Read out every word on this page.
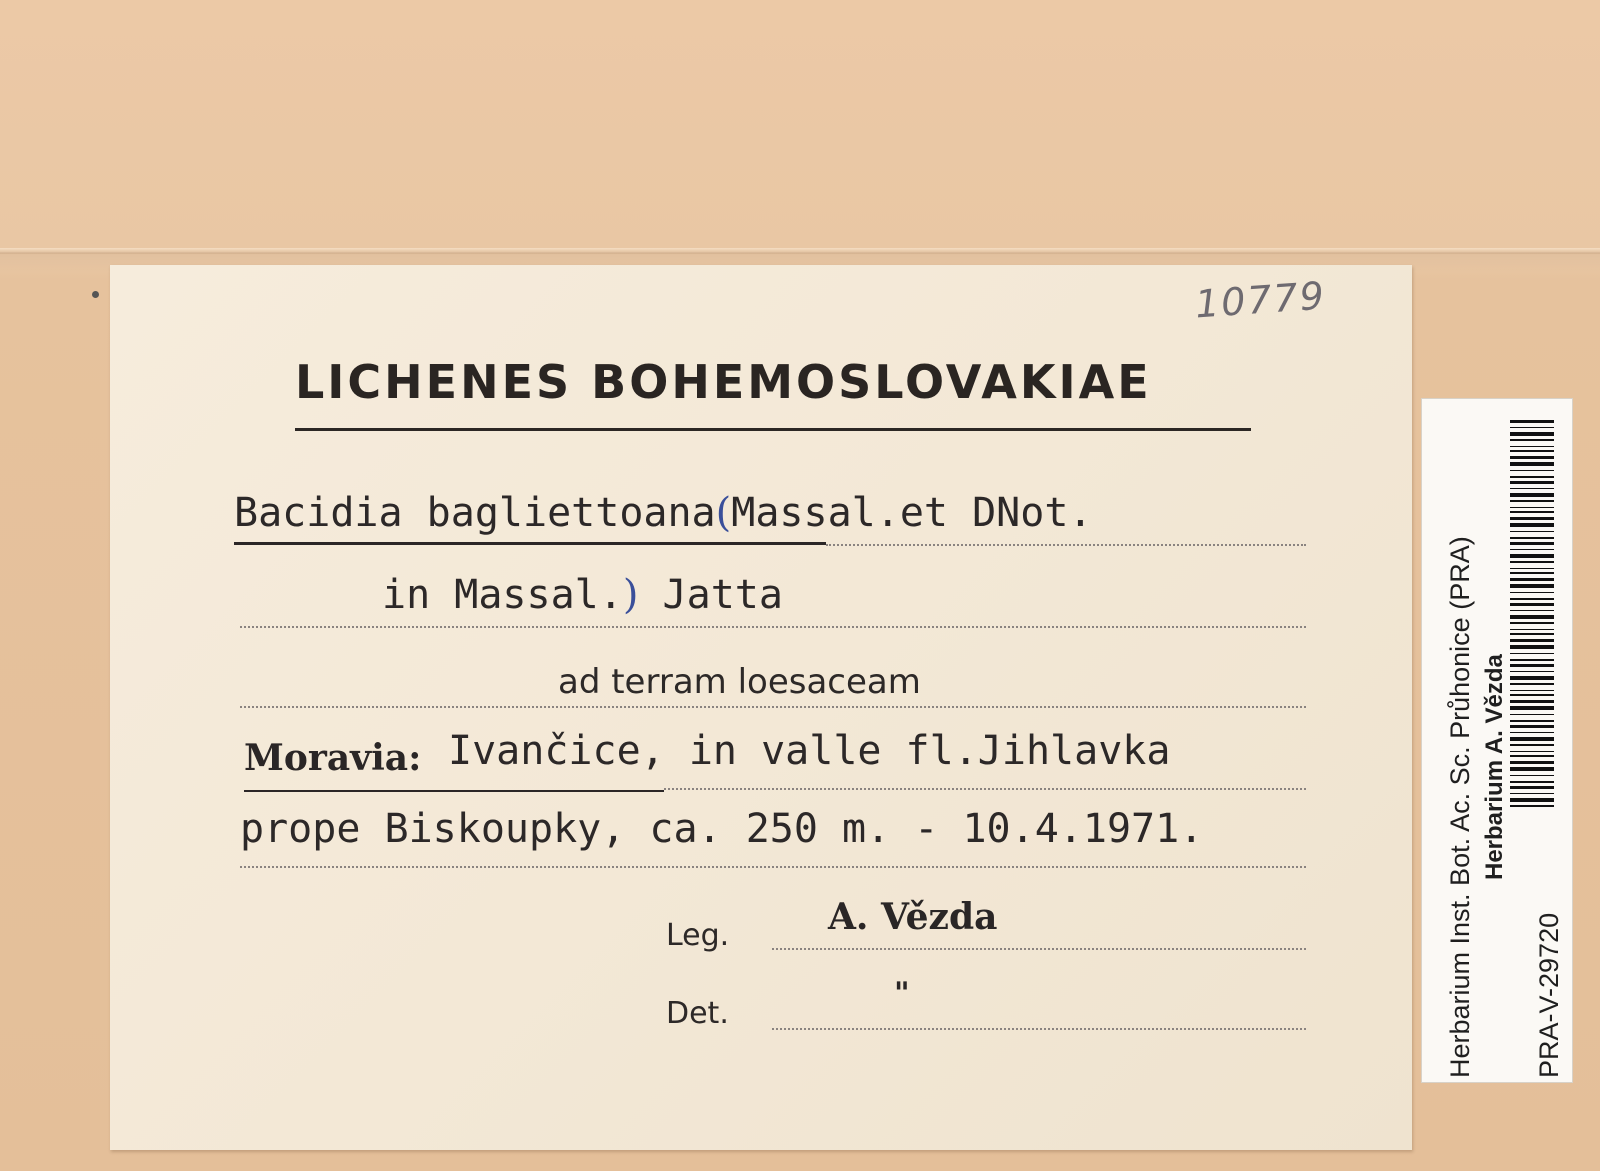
10779
LICHENES BOHEMOSLOVAKIAE
Bacidia bagliettoana(Massal.et DNot.
in Massal.) Jatta
ad terram loesaceam
Moravia: Ivančice, in valle fl.Jihlavka
prope Biskoupky, ca. 250 m. - 10.4.1971.
Leg.	A. Vězda
Det.
"	Herbarium Inst. Bot. Ac. Sc. Průhonice (PRA) Herbarium A. Vězda
PRA-V-29720
